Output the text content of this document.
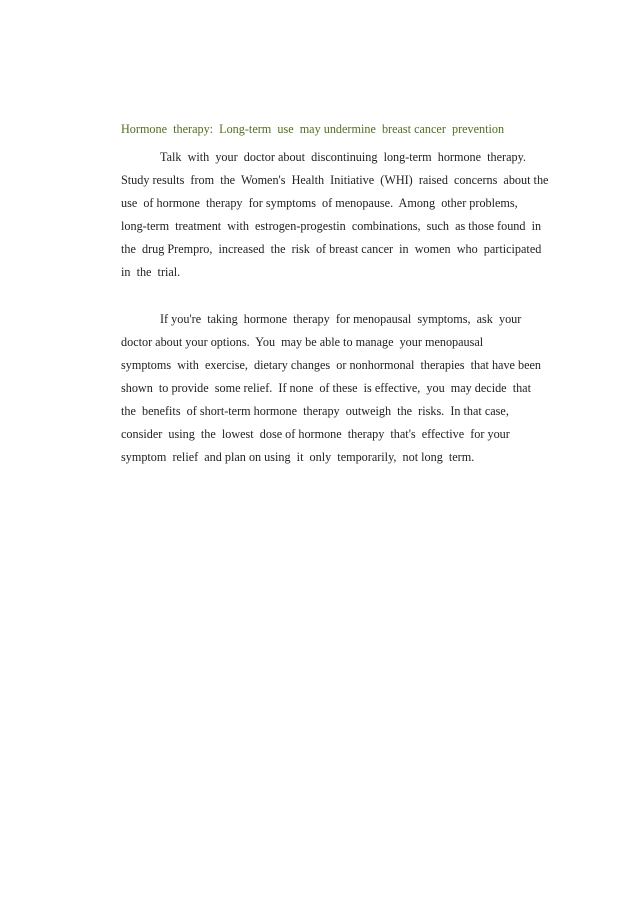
Hormone  therapy:  Long-term  use  may undermine  breast cancer  prevention

Talk  with  your  doctor about  discontinuing  long-term  hormone  therapy.
Study results  from  the  Women's  Health  Initiative  (WHI)  raised  concerns  about the
use  of hormone  therapy  for symptoms  of menopause.  Among  other problems,
long-term  treatment  with  estrogen-progestin  combinations,  such  as those found  in
the  drug Prempro,  increased  the  risk  of breast cancer  in  women  who  participated
in  the  trial.

If you're  taking  hormone  therapy  for menopausal  symptoms,  ask  your
doctor about your options.  You  may be able to manage  your menopausal
symptoms  with  exercise,  dietary changes  or nonhormonal  therapies  that have been
shown  to provide  some relief.  If none  of these  is effective,  you  may decide  that
the  benefits  of short-term hormone  therapy  outweigh  the  risks.  In that case,
consider  using  the  lowest  dose of hormone  therapy  that's  effective  for your
symptom  relief  and plan on using  it  only  temporarily,  not long  term.
